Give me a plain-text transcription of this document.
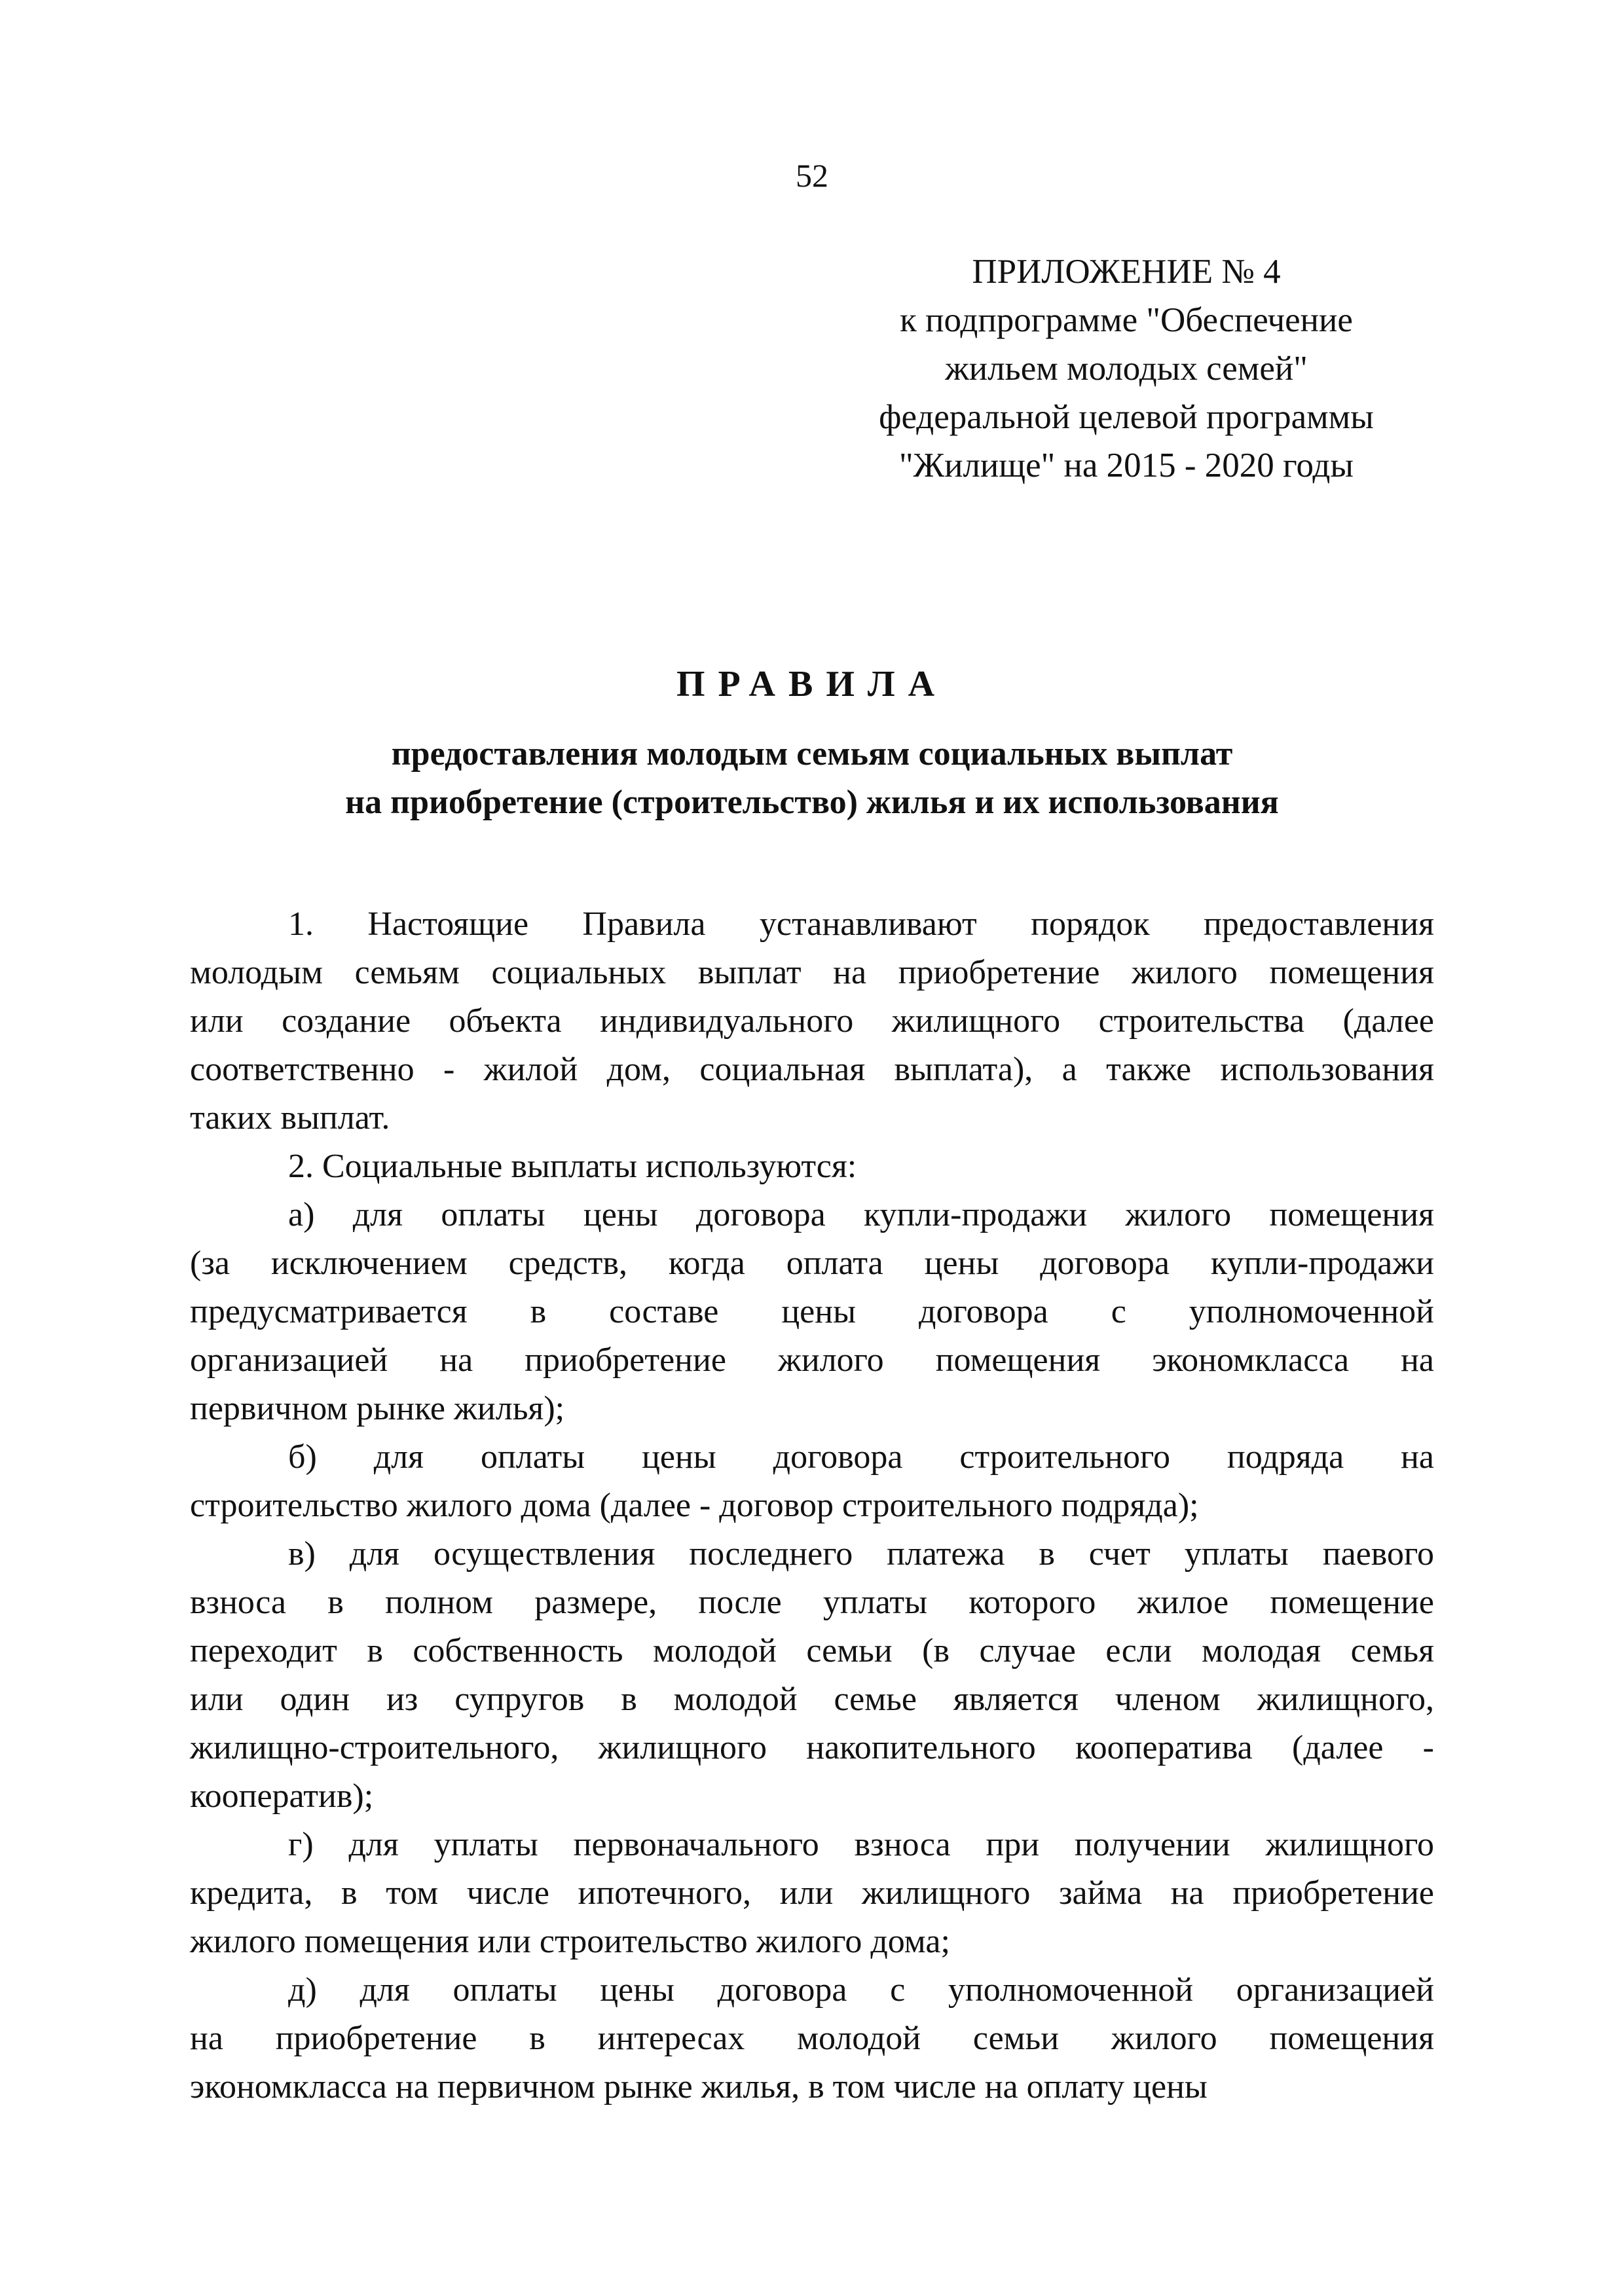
52
ПРИЛОЖЕНИЕ № 4
к подпрограмме "Обеспечение
жильем молодых семей"
федеральной целевой программы
"Жилище" на 2015 - 2020 годы
ПРАВИЛА
предоставления молодым семьям социальных выплат
на приобретение (строительство) жилья и их использования
1. Настоящие Правила устанавливают порядок предоставления
молодым семьям социальных выплат на приобретение жилого помещения
или создание объекта индивидуального жилищного строительства (далее
соответственно - жилой дом, социальная выплата), а также использования
таких выплат.
2. Социальные выплаты используются:
а) для оплаты цены договора купли-продажи жилого помещения
(за исключением средств, когда оплата цены договора купли-продажи
предусматривается в составе цены договора с уполномоченной
организацией на приобретение жилого помещения экономкласса на
первичном рынке жилья);
б) для оплаты цены договора строительного подряда на
строительство жилого дома (далее - договор строительного подряда);
в) для осуществления последнего платежа в счет уплаты паевого
взноса в полном размере, после уплаты которого жилое помещение
переходит в собственность молодой семьи (в случае если молодая семья
или один из супругов в молодой семье является членом жилищного,
жилищно-строительного, жилищного накопительного кооператива (далее -
кооператив);
г) для уплаты первоначального взноса при получении жилищного
кредита, в том числе ипотечного, или жилищного займа на приобретение
жилого помещения или строительство жилого дома;
д) для оплаты цены договора с уполномоченной организацией
на приобретение в интересах молодой семьи жилого помещения
экономкласса на первичном рынке жилья, в том числе на оплату цены
